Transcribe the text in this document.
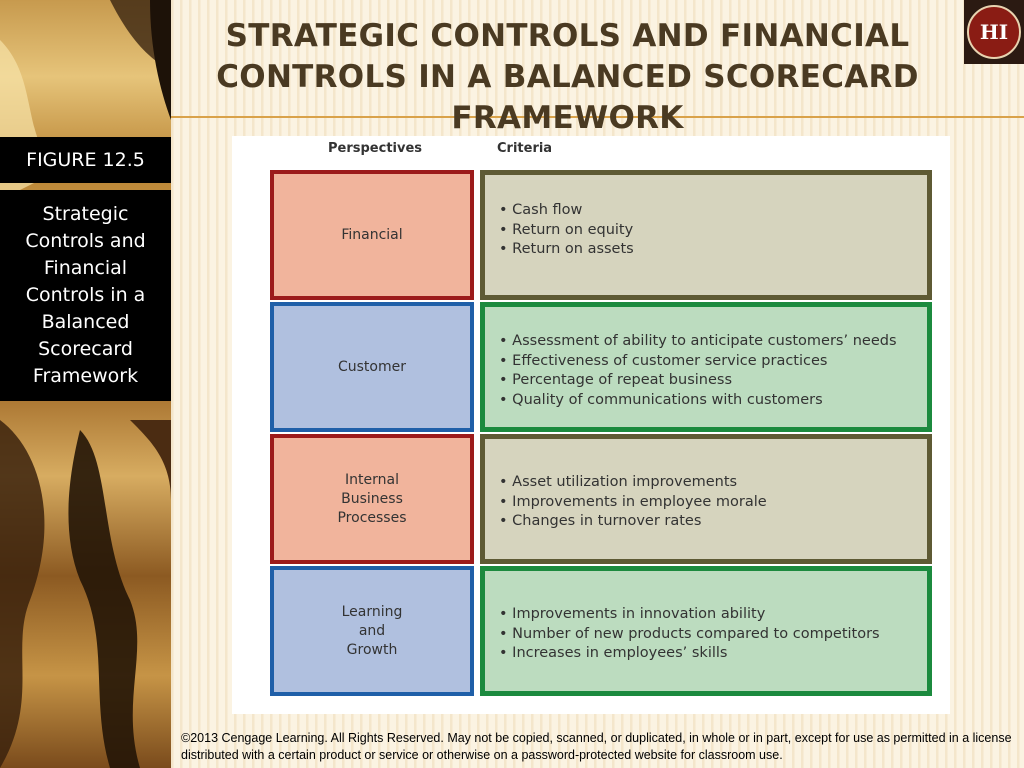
STRATEGIC CONTROLS AND FINANCIAL CONTROLS IN A BALANCED SCORECARD FRAMEWORK
HI
FIGURE 12.5
Strategic Controls and Financial Controls in a Balanced Scorecard Framework
Perspectives	Criteria
Financial
• Cash flow
• Return on equity
• Return on assets
Customer
• Assessment of ability to anticipate customers’ needs
• Effectiveness of customer service practices
• Percentage of repeat business
• Quality of communications with customers
Internal Business Processes
• Asset utilization improvements
• Improvements in employee morale
• Changes in turnover rates
Learning and Growth
• Improvements in innovation ability
• Number of new products compared to competitors
• Increases in employees’ skills
©2013 Cengage Learning. All Rights Reserved. May not be copied, scanned, or duplicated, in whole or in part, except for use as permitted in a license distributed with a certain product or service or otherwise on a password-protected website for classroom use.
